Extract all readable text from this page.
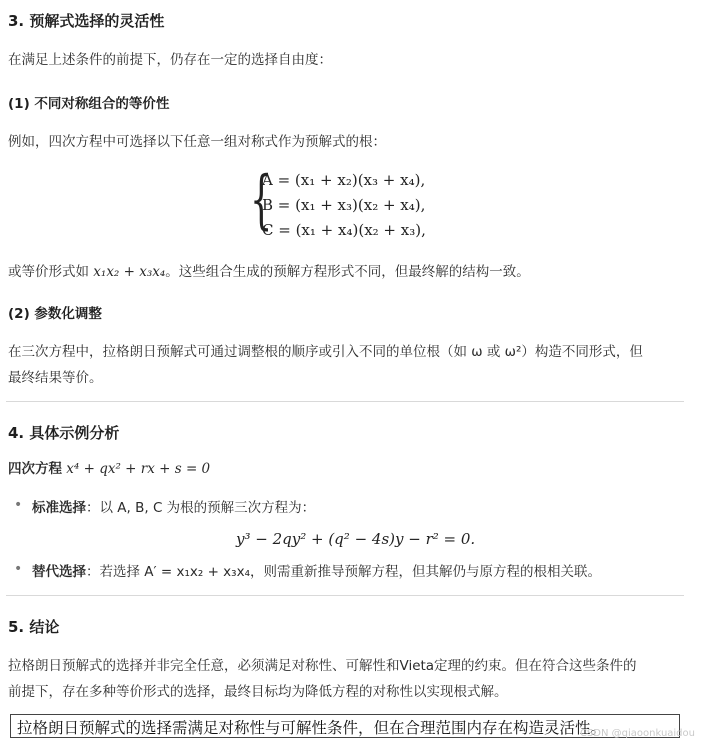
3. 预解式选择的灵活性
在满足上述条件的前提下，仍存在一定的选择自由度：
(1) 不同对称组合的等价性
例如，四次方程中可选择以下任意一组对称式作为预解式的根：
{
A = (x₁ + x₂)(x₃ + x₄),
B = (x₁ + x₃)(x₂ + x₄),
C = (x₁ + x₄)(x₂ + x₃),
或等价形式如 x₁x₂ + x₃x₄。这些组合生成的预解方程形式不同，但最终解的结构一致。
(2) 参数化调整
在三次方程中，拉格朗日预解式可通过调整根的顺序或引入不同的单位根（如 ω 或 ω²）构造不同形式，但
最终结果等价。
4. 具体示例分析
四次方程 x⁴ + qx² + rx + s = 0
• 标准选择：以 A, B, C 为根的预解三次方程为：
y³ − 2qy² + (q² − 4s)y − r² = 0.
• 替代选择：若选择 A′ = x₁x₂ + x₃x₄，则需重新推导预解方程，但其解仍与原方程的根相关联。
5. 结论
拉格朗日预解式的选择并非完全任意，必须满足对称性、可解性和Vieta定理的约束。但在符合这些条件的
前提下，存在多种等价形式的选择，最终目标均为降低方程的对称性以实现根式解。
拉格朗日预解式的选择需满足对称性与可解性条件，但在合理范围内存在构造灵活性。
CSDN @qiaoonkuaidou
